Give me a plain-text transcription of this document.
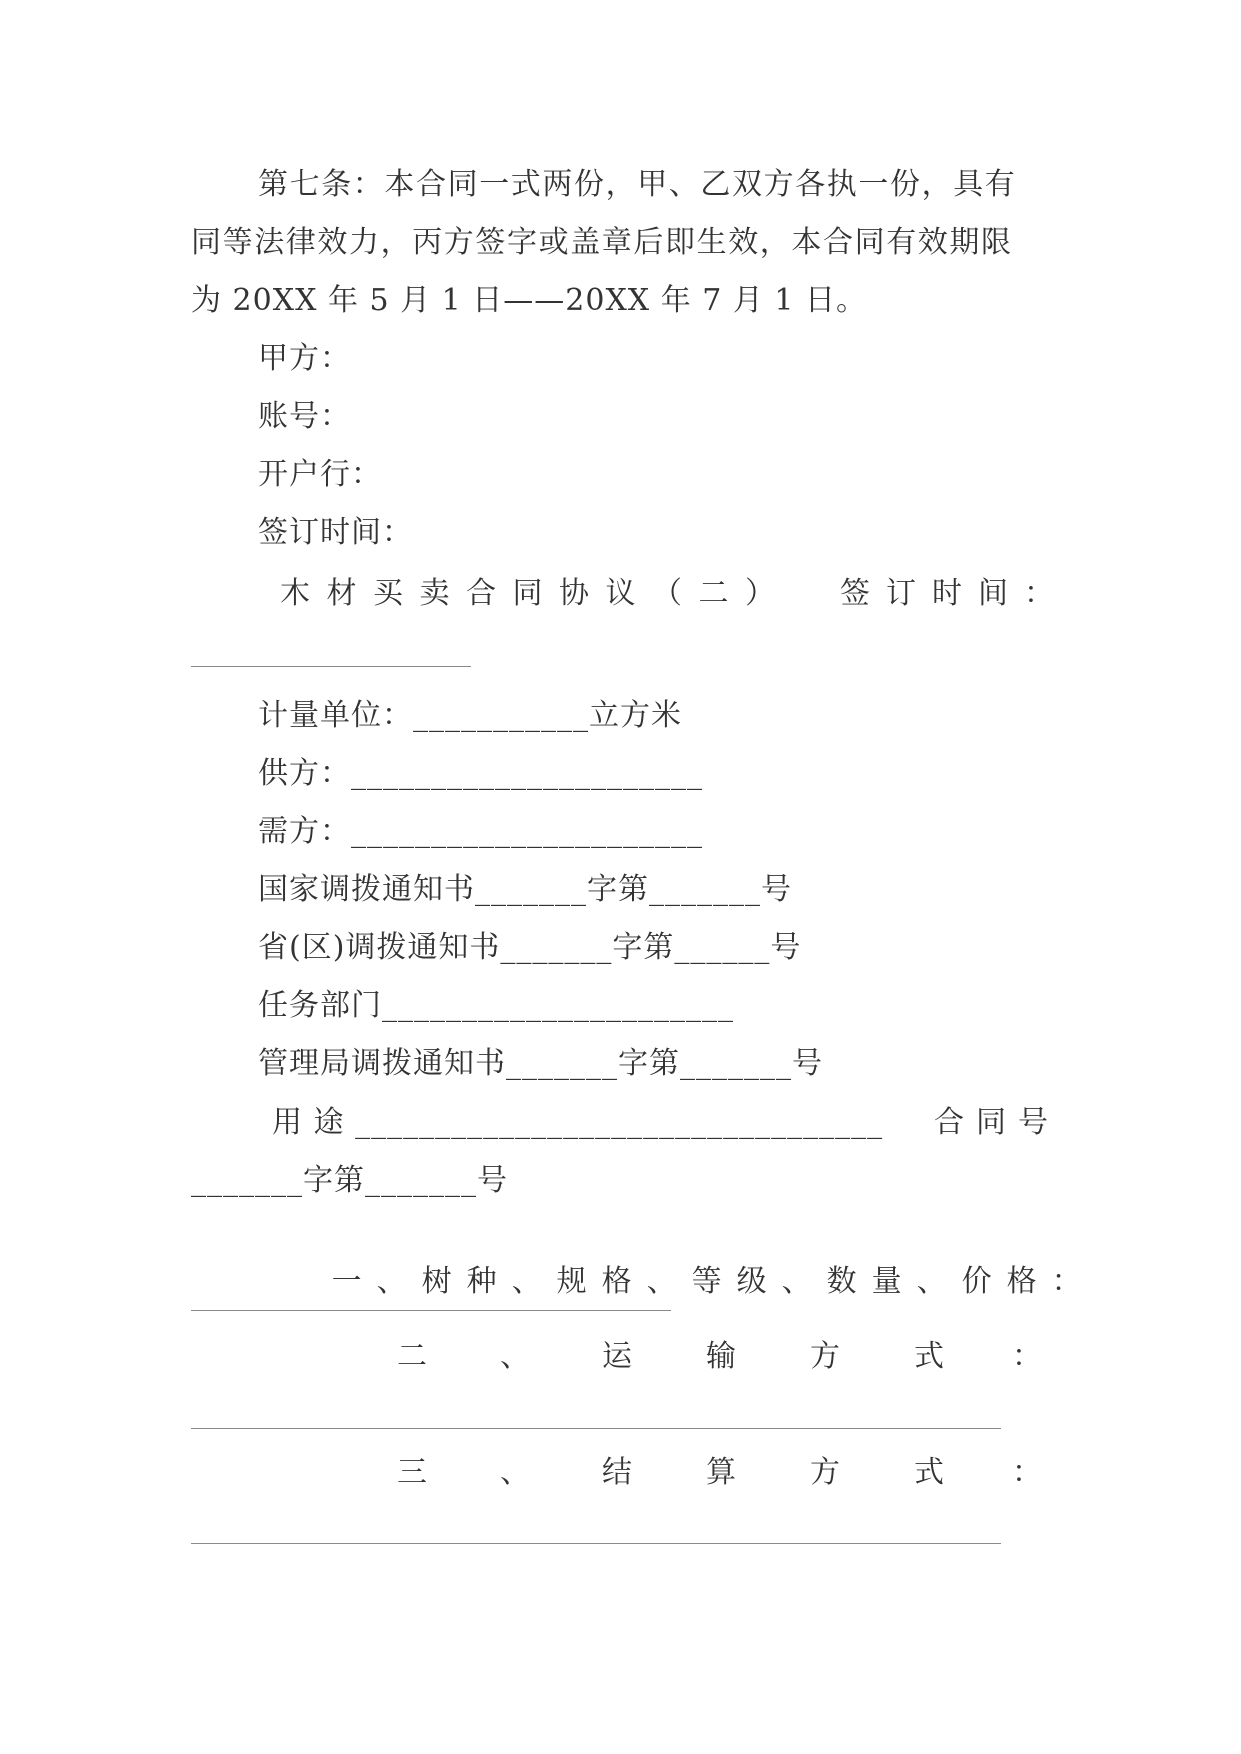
第七条：本合同一式两份，甲、乙双方各执一份，具有
同等法律效力，丙方签字或盖章后即生效，本合同有效期限
为 20XX 年 5 月 1 日——20XX 年 7 月 1 日。
甲方：
账号：
开户行：
签订时间：
木材买卖合同协议（二） 签订时间：
计量单位：___________立方米
供方：______________________
需方：______________________
国家调拨通知书_______字第_______号
省(区)调拨通知书_______字第______号
任务部门______________________
管理局调拨通知书_______字第_______号
用 途 _________________________________ 合同号
_______字第_______号

一 、 树 种 、 规 格 、 等 级 、 数 量 、 价 格 ：

二 、 运 输 方 式 ：
三 、 结 算 方 式 ：
